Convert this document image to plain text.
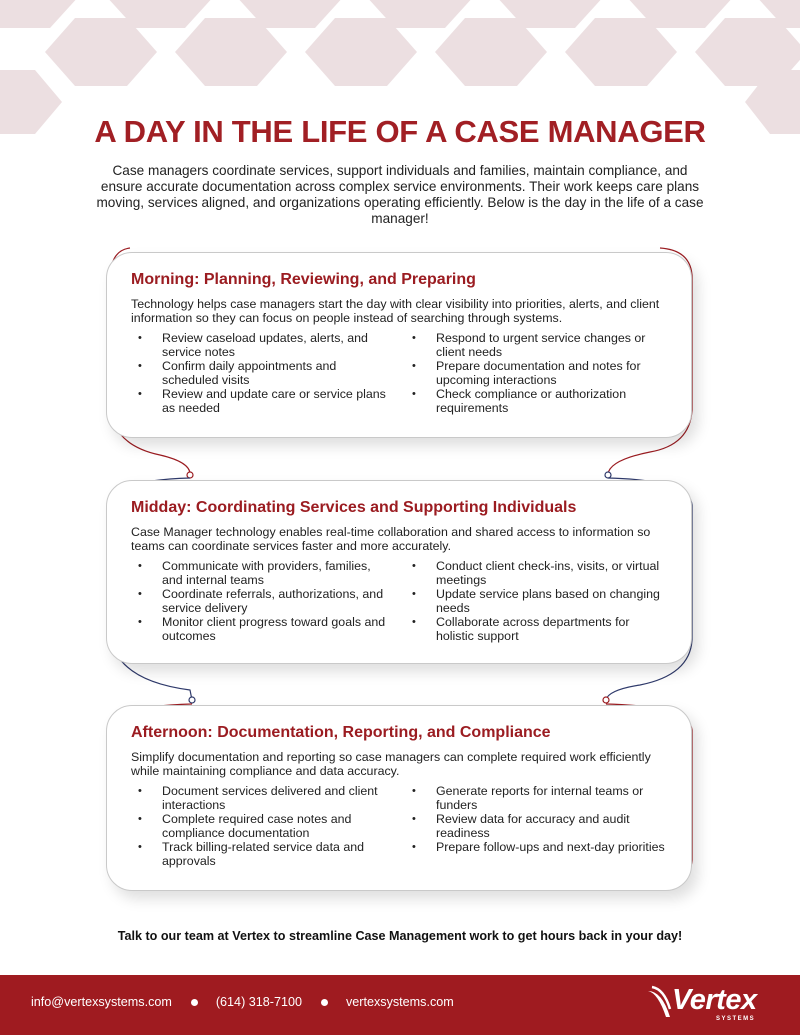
A DAY IN THE LIFE OF A CASE MANAGER

Case managers coordinate services, support individuals and families, maintain compliance, and ensure accurate documentation across complex service environments. Their work keeps care plans moving, services aligned, and organizations operating efficiently. Below is the day in the life of a case manager!

Morning: Planning, Reviewing, and Preparing

Technology helps case managers start the day with clear visibility into priorities, alerts, and client information so they can focus on people instead of searching through systems.

• Review caseload updates, alerts, and service notes
• Confirm daily appointments and scheduled visits
• Review and update care or service plans as needed
• Respond to urgent service changes or client needs
• Prepare documentation and notes for upcoming interactions
• Check compliance or authorization requirements
Midday: Coordinating Services and Supporting Individuals

Case Manager technology enables real-time collaboration and shared access to information so teams can coordinate services faster and more accurately.

• Communicate with providers, families, and internal teams
• Coordinate referrals, authorizations, and service delivery
• Monitor client progress toward goals and outcomes
• Conduct client check-ins, visits, or virtual meetings
• Update service plans based on changing needs
• Collaborate across departments for holistic support
Afternoon: Documentation, Reporting, and Compliance

Simplify documentation and reporting so case managers can complete required work efficiently while maintaining compliance and data accuracy.

• Document services delivered and client interactions
• Complete required case notes and compliance documentation
• Track billing-related service data and approvals
• Generate reports for internal teams or funders
• Review data for accuracy and audit readiness
• Prepare follow-ups and next-day priorities

Talk to our team at Vertex to streamline Case Management work to get hours back in your day!

info@vertexsystems.com	(614) 318-7100	vertexsystems.com	Vertex
SYSTEMS
